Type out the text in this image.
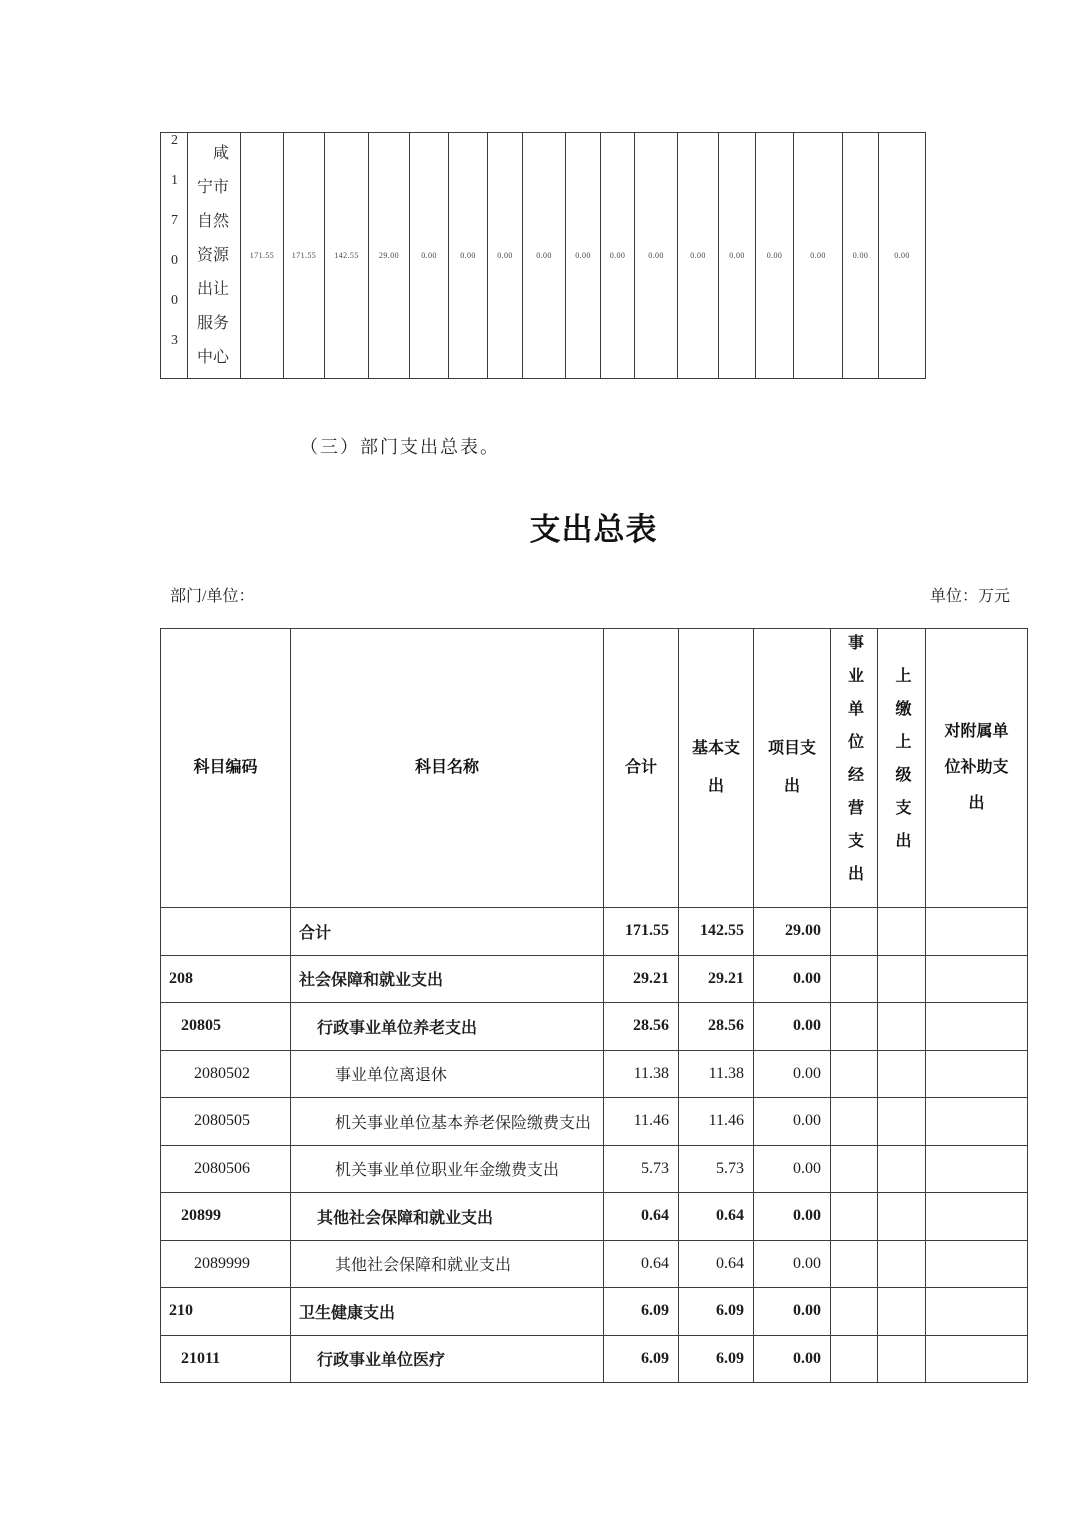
217003	咸宁市自然资源出让服务中心	171.55	171.55	142.55	29.00	0.00	0.00	0.00	0.00	0.00	0.00	0.00	0.00	0.00	0.00	0.00	0.00	0.00

（三）部门支出总表。

支出总表
部门/单位：	单位：万元
科目编码	科目名称	合计	基本支出	项目支出	事业单位经营支出	上缴上级支出	对附属单位补助支出
	合计	171.55	142.55	29.00			
208	社会保障和就业支出	29.21	29.21	0.00			
20805	行政事业单位养老支出	28.56	28.56	0.00			
2080502	事业单位离退休	11.38	11.38	0.00			
2080505	机关事业单位基本养老保险缴费支出	11.46	11.46	0.00			
2080506	机关事业单位职业年金缴费支出	5.73	5.73	0.00			
20899	其他社会保障和就业支出	0.64	0.64	0.00			
2089999	其他社会保障和就业支出	0.64	0.64	0.00			
210	卫生健康支出	6.09	6.09	0.00			
21011	行政事业单位医疗	6.09	6.09	0.00			
